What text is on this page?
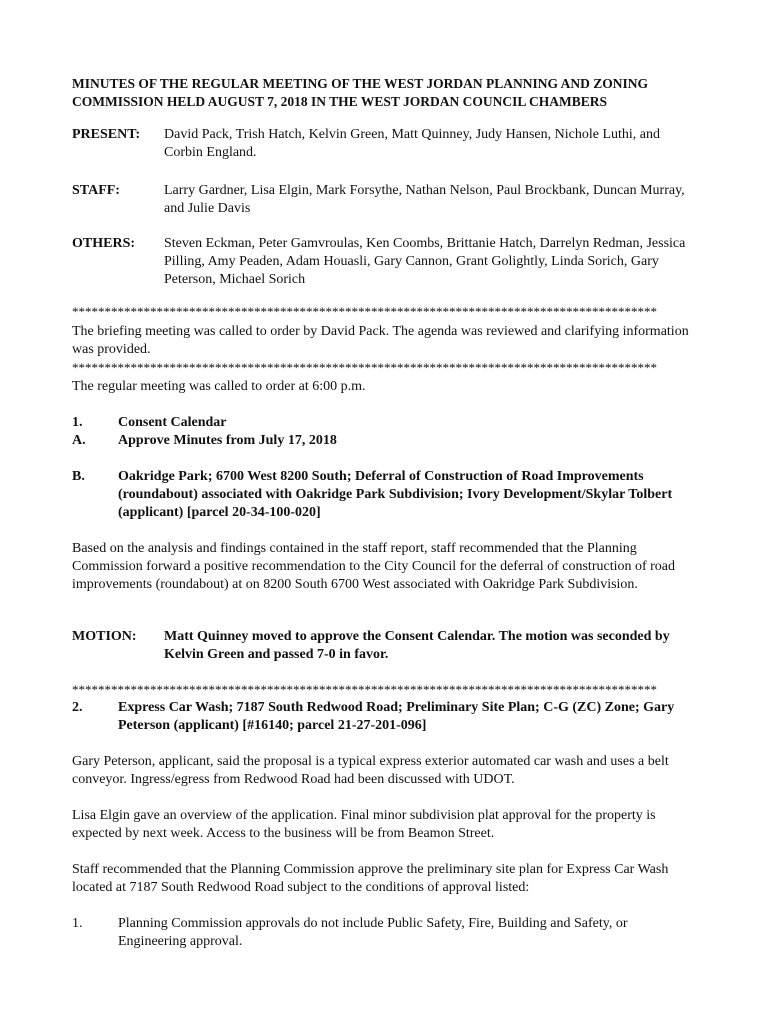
MINUTES OF THE REGULAR MEETING OF THE WEST JORDAN PLANNING AND ZONING COMMISSION HELD AUGUST 7, 2018 IN THE WEST JORDAN COUNCIL CHAMBERS
PRESENT: David Pack, Trish Hatch, Kelvin Green, Matt Quinney, Judy Hansen, Nichole Luthi, and Corbin England.
STAFF:	Larry Gardner, Lisa Elgin, Mark Forsythe, Nathan Nelson, Paul Brockbank, Duncan Murray, and Julie Davis
OTHERS: Steven Eckman, Peter Gamvroulas, Ken Coombs, Brittanie Hatch, Darrelyn Redman, Jessica Pilling, Amy Peaden, Adam Houasli, Gary Cannon, Grant Golightly, Linda Sorich, Gary Peterson, Michael Sorich
******************************************************************************************
The briefing meeting was called to order by David Pack. The agenda was reviewed and clarifying information was provided.
******************************************************************************************
The regular meeting was called to order at 6:00 p.m.
1.	Consent Calendar
A. Approve Minutes from July 17, 2018
B. Oakridge Park; 6700 West 8200 South; Deferral of Construction of Road Improvements (roundabout) associated with Oakridge Park Subdivision; Ivory Development/Skylar Tolbert (applicant) [parcel 20-34-100-020]
Based on the analysis and findings contained in the staff report, staff recommended that the Planning Commission forward a positive recommendation to the City Council for the deferral of construction of road improvements (roundabout) at on 8200 South 6700 West associated with Oakridge Park Subdivision.
MOTION: Matt Quinney moved to approve the Consent Calendar. The motion was seconded by Kelvin Green and passed 7-0 in favor.
******************************************************************************************
2.	Express Car Wash; 7187 South Redwood Road; Preliminary Site Plan; C-G (ZC) Zone; Gary Peterson (applicant) [#16140; parcel 21-27-201-096]
Gary Peterson, applicant, said the proposal is a typical express exterior automated car wash and uses a belt conveyor. Ingress/egress from Redwood Road had been discussed with UDOT.
Lisa Elgin gave an overview of the application. Final minor subdivision plat approval for the property is expected by next week. Access to the business will be from Beamon Street.
Staff recommended that the Planning Commission approve the preliminary site plan for Express Car Wash located at 7187 South Redwood Road subject to the conditions of approval listed:
1.	Planning Commission approvals do not include Public Safety, Fire, Building and Safety, or Engineering approval.
